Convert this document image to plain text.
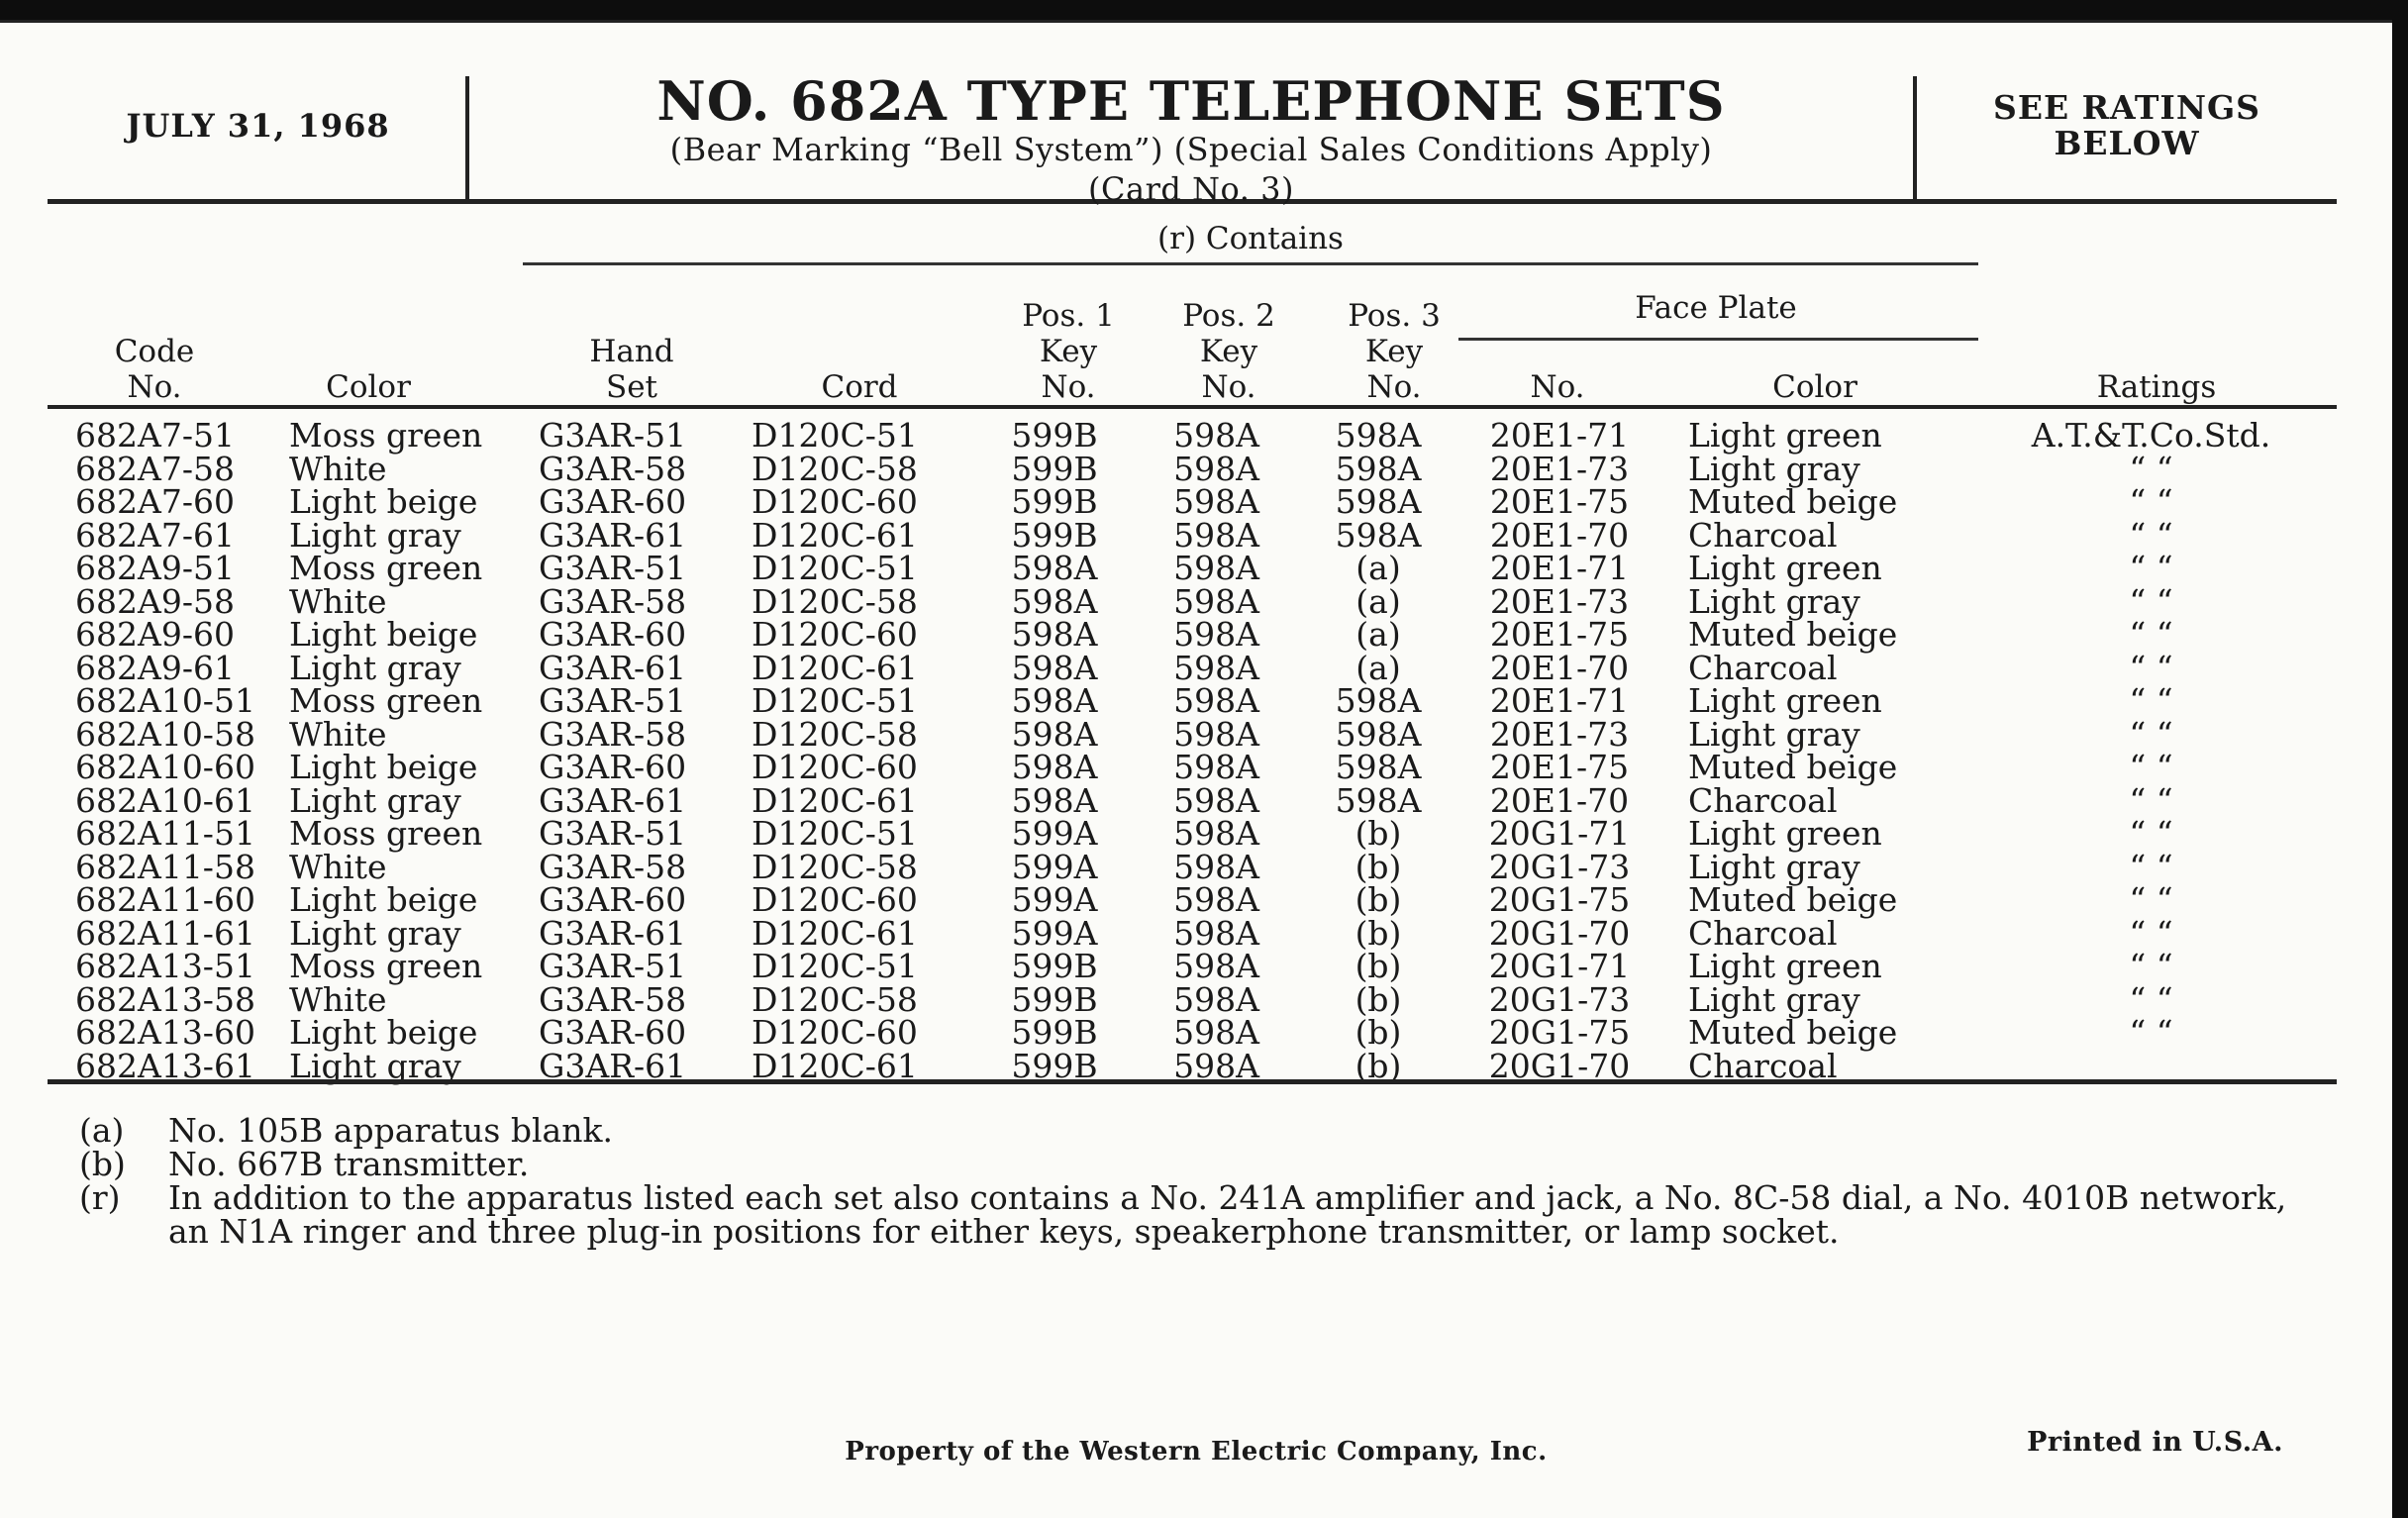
JULY 31, 1968	NO. 682A TYPE TELEPHONE SETS
(Bear Marking “Bell System”) (Special Sales Conditions Apply)
(Card No. 3)
SEE RATINGS
BELOW
(r) Contains
Face Plate
Code
No.	Color
Hand
Set	Cord
Pos. 1
Key
No.
Pos. 2
Key
No.
Pos. 3
Key
No.	No.	Color	Ratings
682A7-51	Moss green	G3AR-51	D120C-51	599B	598A	598A	20E1-71	Light green	A.T.&T.Co.Std.
682A7-58	White	G3AR-58	D120C-58	599B	598A	598A	20E1-73	Light gray	“ “
682A7-60	Light beige	G3AR-60	D120C-60	599B	598A	598A	20E1-75	Muted beige	“ “
682A7-61	Light gray	G3AR-61	D120C-61	599B	598A	598A	20E1-70	Charcoal	“ “
682A9-51	Moss green	G3AR-51	D120C-51	598A	598A	(a)	20E1-71	Light green	“ “
682A9-58	White	G3AR-58	D120C-58	598A	598A	(a)	20E1-73	Light gray	“ “
682A9-60	Light beige	G3AR-60	D120C-60	598A	598A	(a)	20E1-75	Muted beige	“ “
682A9-61	Light gray	G3AR-61	D120C-61	598A	598A	(a)	20E1-70	Charcoal	“ “
682A10-51	Moss green	G3AR-51	D120C-51	598A	598A	598A	20E1-71	Light green	“ “
682A10-58	White	G3AR-58	D120C-58	598A	598A	598A	20E1-73	Light gray	“ “
682A10-60	Light beige	G3AR-60	D120C-60	598A	598A	598A	20E1-75	Muted beige	“ “
682A10-61	Light gray	G3AR-61	D120C-61	598A	598A	598A	20E1-70	Charcoal	“ “
682A11-51	Moss green	G3AR-51	D120C-51	599A	598A	(b)	20G1-71	Light green	“ “
682A11-58	White	G3AR-58	D120C-58	599A	598A	(b)	20G1-73	Light gray	“ “
682A11-60	Light beige	G3AR-60	D120C-60	599A	598A	(b)	20G1-75	Muted beige	“ “
682A11-61	Light gray	G3AR-61	D120C-61	599A	598A	(b)	20G1-70	Charcoal	“ “
682A13-51	Moss green	G3AR-51	D120C-51	599B	598A	(b)	20G1-71	Light green	“ “
682A13-58	White	G3AR-58	D120C-58	599B	598A	(b)	20G1-73	Light gray	“ “
682A13-60	Light beige	G3AR-60	D120C-60	599B	598A	(b)	20G1-75	Muted beige	“ “
682A13-61	Light gray	G3AR-61	D120C-61	599B	598A	(b)	20G1-70	Charcoal	
(a)	No. 105B apparatus blank.
(b)	No. 667B transmitter.
(r)	In addition to the apparatus listed each set also contains a No. 241A amplifier and jack, a No. 8C-58 dial, a No. 4010B network, an N1A ringer and three plug-in positions for either keys, speakerphone transmitter, or lamp socket.
Property of the Western Electric Company, Inc.	Printed in U.S.A.
